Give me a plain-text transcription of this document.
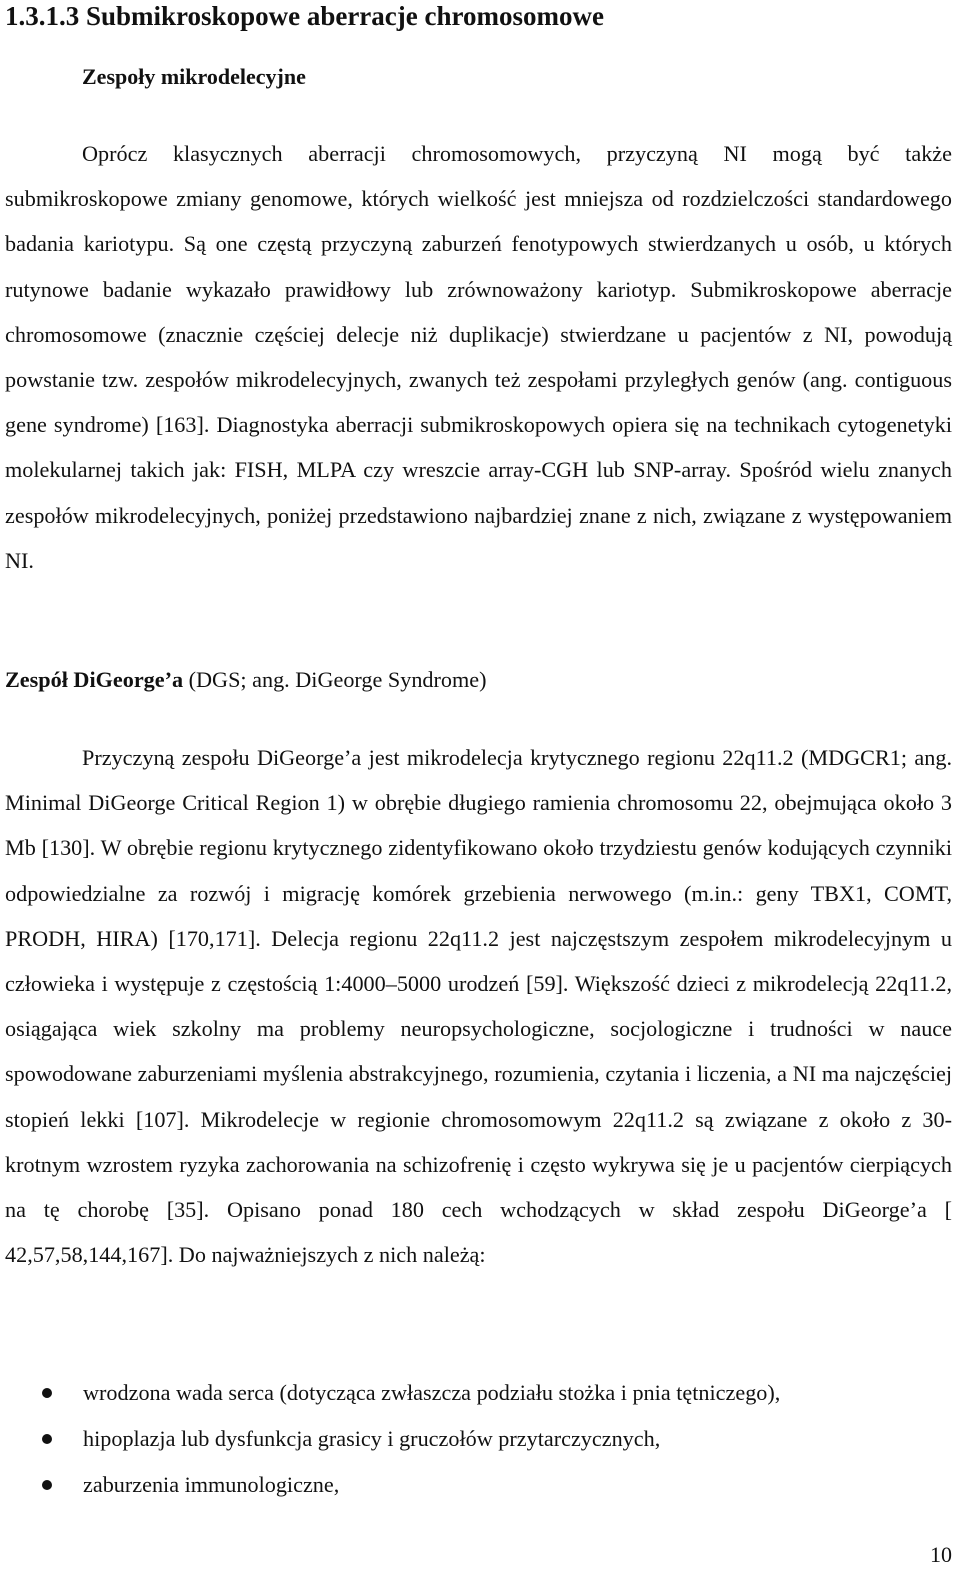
1.3.1.3 Submikroskopowe aberracje chromosomowe
Zespoły mikrodelecyjne

Oprócz klasycznych aberracji chromosomowych, przyczyną NI mogą być także submikroskopowe zmiany genomowe, których wielkość jest mniejsza od rozdzielczości standardowego badania kariotypu. Są one częstą przyczyną zaburzeń fenotypowych stwierdzanych u osób, u których rutynowe badanie wykazało prawidłowy lub zrównoważony kariotyp. Submikroskopowe aberracje chromosomowe (znacznie częściej delecje niż duplikacje) stwierdzane u pacjentów z NI, powodują powstanie tzw. zespołów mikrodelecyjnych, zwanych też zespołami przyległych genów (ang. contiguous gene syndrome) [163]. Diagnostyka aberracji submikroskopowych opiera się na technikach cytogenetyki molekularnej takich jak: FISH, MLPA czy wreszcie array-CGH lub SNP-array. Spośród wielu znanych zespołów mikrodelecyjnych, poniżej przedstawiono najbardziej znane z nich, związane z występowaniem NI.

Zespół DiGeorge’a (DGS; ang. DiGeorge Syndrome)

Przyczyną zespołu DiGeorge’a jest mikrodelecja krytycznego regionu 22q11.2 (MDGCR1; ang. Minimal DiGeorge Critical Region 1) w obrębie długiego ramienia chromosomu 22, obejmująca około 3 Mb [130]. W obrębie regionu krytycznego zidentyfikowano około trzydziestu genów kodujących czynniki odpowiedzialne za rozwój i migrację komórek grzebienia nerwowego (m.in.: geny TBX1, COMT, PRODH, HIRA) [170,171]. Delecja regionu 22q11.2 jest najczęstszym zespołem mikrodelecyjnym u człowieka i występuje z częstością 1:4000–5000 urodzeń [59]. Większość dzieci z mikrodelecją 22q11.2, osiągająca wiek szkolny ma problemy neuropsychologiczne, socjologiczne i trudności w nauce spowodowane zaburzeniami myślenia abstrakcyjnego, rozumienia, czytania i liczenia, a NI ma najczęściej stopień lekki [107]. Mikrodelecje w regionie chromosomowym 22q11.2 są związane z około z 30-krotnym wzrostem ryzyka zachorowania na schizofrenię i często wykrywa się je u pacjentów cierpiących na tę chorobę [35]. Opisano ponad 180 cech wchodzących w skład zespołu DiGeorge’a [ 42,57,58,144,167]. Do najważniejszych z nich należą:

wrodzona wada serca (dotycząca zwłaszcza podziału stożka i pnia tętniczego),
hipoplazja lub dysfunkcja grasicy i gruczołów przytarczycznych,
zaburzenia immunologiczne,
10
